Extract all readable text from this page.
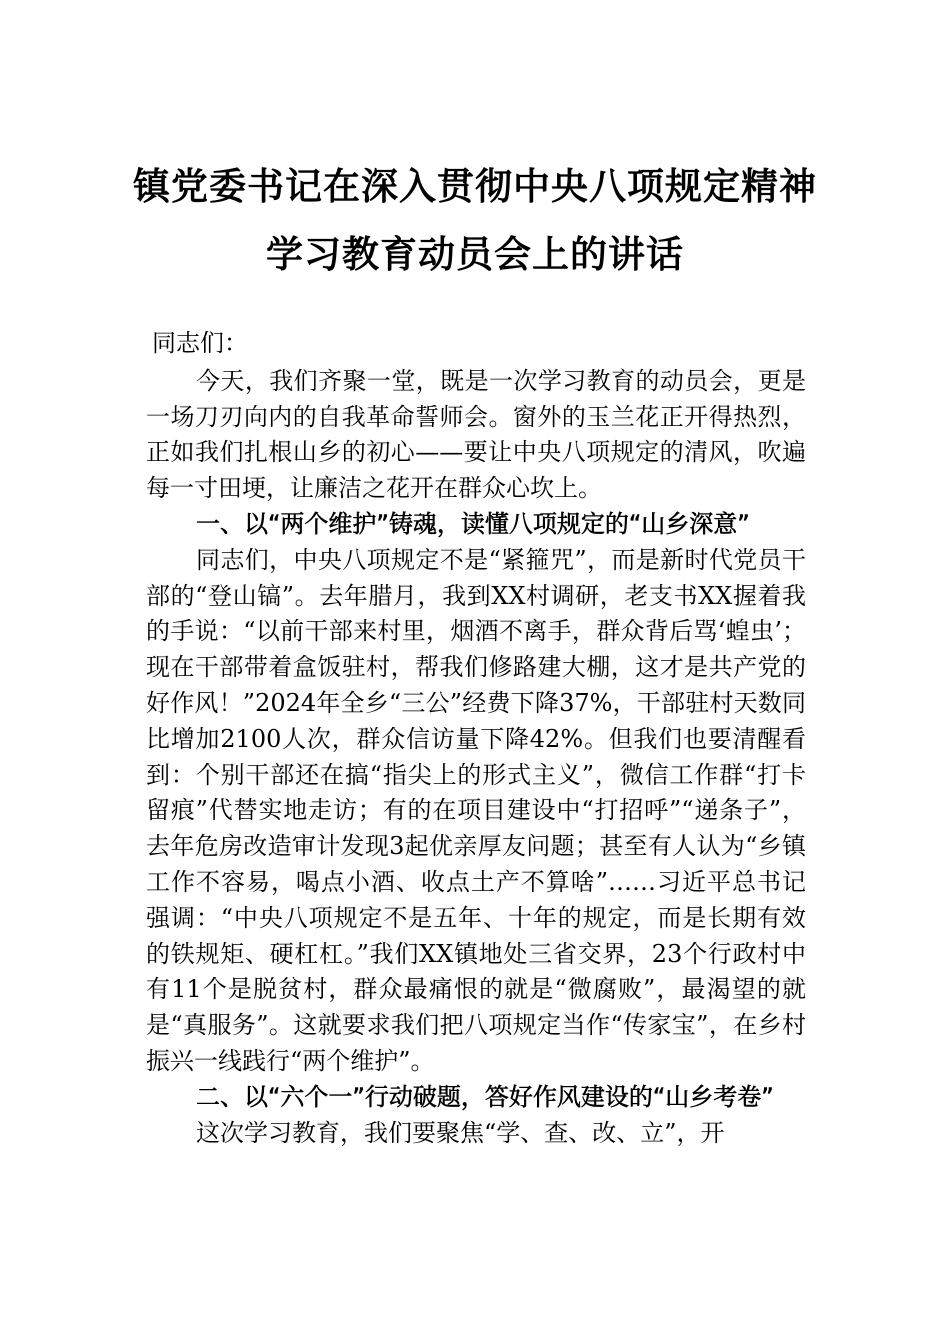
镇党委书记在深入贯彻中央八项规定精神
学习教育动员会上的讲话

同志们：

今天，我们齐聚一堂，既是一次学习教育的动员会，更是一场刀刃向内的自我革命誓师会。窗外的玉兰花正开得热烈，正如我们扎根山乡的初心——要让中央八项规定的清风，吹遍每一寸田埂，让廉洁之花开在群众心坎上。

一、以“两个维护”铸魂，读懂八项规定的“山乡深意”

同志们，中央八项规定不是“紧箍咒”，而是新时代党员干部的“登山镐”。去年腊月，我到XX村调研，老支书XX握着我的手说：“以前干部来村里，烟酒不离手，群众背后骂‘蝗虫’；现在干部带着盒饭驻村，帮我们修路建大棚，这才是共产党的好作风！”2024年全乡“三公”经费下降37%，干部驻村天数同比增加2100人次，群众信访量下降42%。但我们也要清醒看到：个别干部还在搞“指尖上的形式主义”，微信工作群“打卡留痕”代替实地走访；有的在项目建设中“打招呼”“递条子”，去年危房改造审计发现3起优亲厚友问题；甚至有人认为“乡镇工作不容易，喝点小酒、收点土产不算啥”……习近平总书记强调：“中央八项规定不是五年、十年的规定，而是长期有效的铁规矩、硬杠杠。”我们XX镇地处三省交界，23个行政村中有11个是脱贫村，群众最痛恨的就是“微腐败”，最渴望的就是“真服务”。这就要求我们把八项规定当作“传家宝”，在乡村振兴一线践行“两个维护”。

二、以“六个一”行动破题，答好作风建设的“山乡考卷”

这次学习教育，我们要聚焦“学、查、改、立”，开
